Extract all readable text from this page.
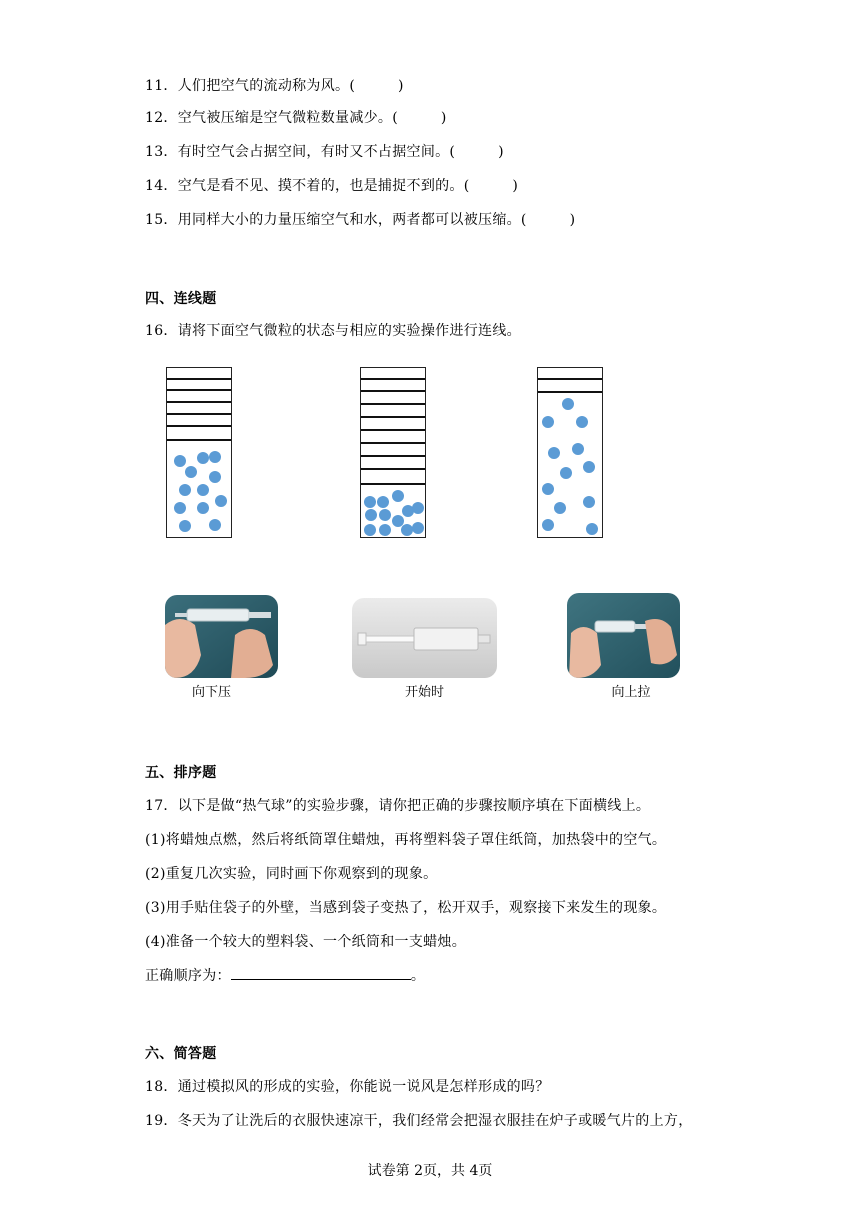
11．人们把空气的流动称为风。(　　　)
12．空气被压缩是空气微粒数量减少。(　　　)
13．有时空气会占据空间，有时又不占据空间。(　　　)
14．空气是看不见、摸不着的，也是捕捉不到的。(　　　)
15．用同样大小的力量压缩空气和水，两者都可以被压缩。(　　　)
四、连线题
16．请将下面空气微粒的状态与相应的实验操作进行连线。
向下压	开始时	向上拉
五、排序题
17．以下是做“热气球”的实验步骤，请你把正确的步骤按顺序填在下面横线上。
(1)将蜡烛点燃，然后将纸筒罩住蜡烛，再将塑料袋子罩住纸筒，加热袋中的空气。
(2)重复几次实验，同时画下你观察到的现象。
(3)用手贴住袋子的外壁，当感到袋子变热了，松开双手，观察接下来发生的现象。
(4)准备一个较大的塑料袋、一个纸筒和一支蜡烛。
正确顺序为：	。
六、简答题
18．通过模拟风的形成的实验，你能说一说风是怎样形成的吗？
19．冬天为了让洗后的衣服快速凉干，我们经常会把湿衣服挂在炉子或暖气片的上方，
试卷第 2页，共 4页
